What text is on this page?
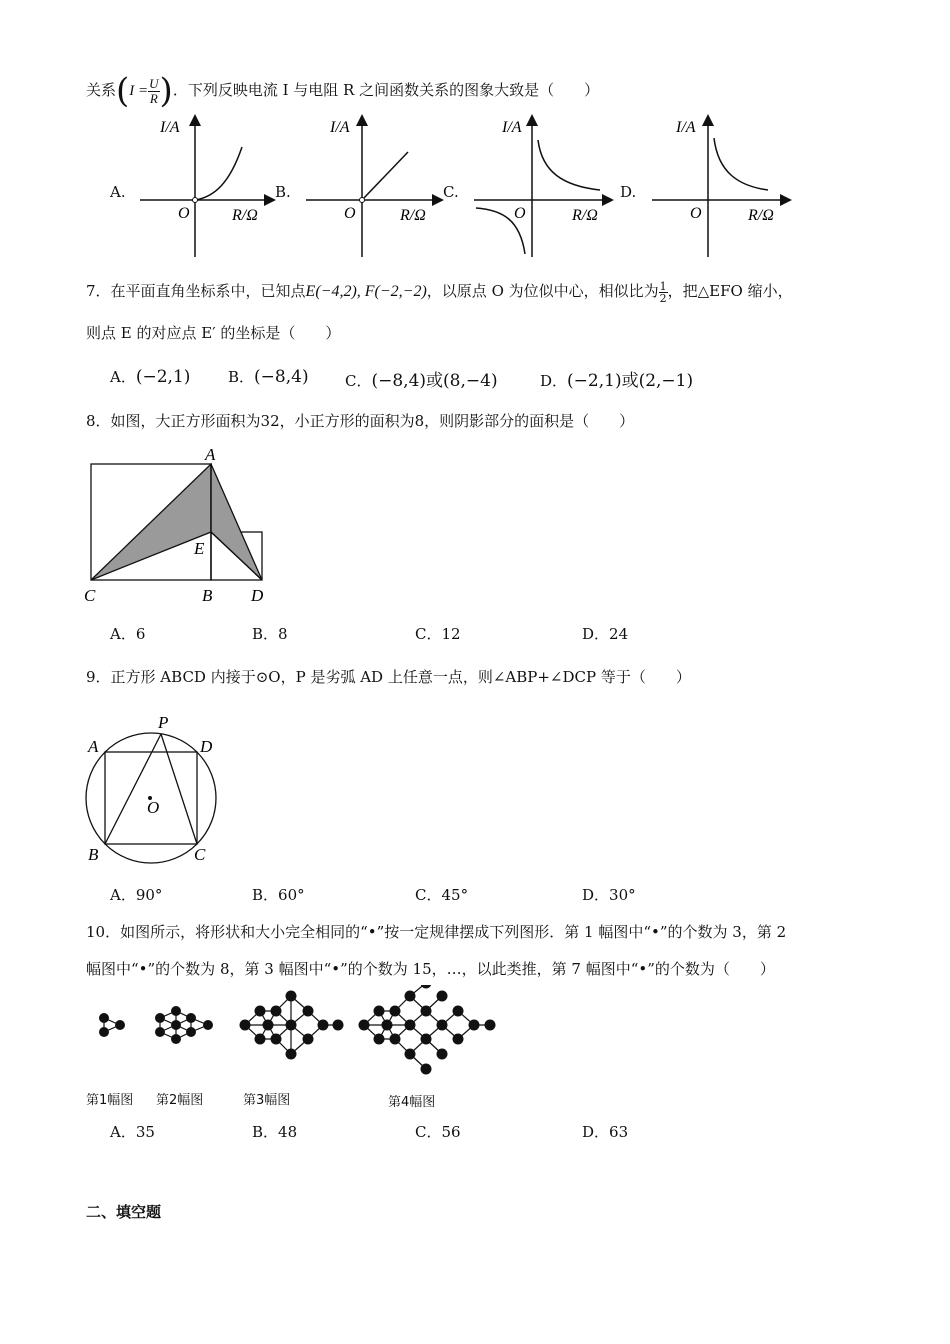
关系($I = \frac{U}{R}$ )．下列反映电流 I 与电阻 R 之间函数关系的图象大致是（　　）
A.	B.	C.	D.
I/A
O	R/Ω
I/A
O	R/Ω
I/A
O	R/Ω
I/A
O	R/Ω
7．在平面直角坐标系中，已知点E(−4,2), F(−2,−2)，以原点 O 为位似中心，相似比为 $\frac{1}{2}$ ，把△EFO 缩小，
则点 E 的对应点 E′ 的坐标是（　　）
A．(−2,1)	B．(−8,4) C．(−8,4)或(8,−4)	D．(−2,1)或(2,−1)
8．如图，大正方形面积为32，小正方形的面积为8，则阴影部分的面积是（　　）
A
E
C	B D
A．6	B．8	C．12	D．24
9．正方形 ABCD 内接于⊙O，P 是劣弧 AD 上任意一点，则∠ABP+∠DCP 等于（　　）
P
A	D
O
B	C
A．90°	B．60°	C．45°	D．30°
10．如图所示，将形状和大小完全相同的“•”按一定规律摆成下列图形．第 1 幅图中“•”的个数为 3，第 2
幅图中“•”的个数为 8，第 3 幅图中“•”的个数为 15，…，以此类推，第 7 幅图中“•”的个数为（　　）
第1幅图 第2幅图	第3幅图	第4幅图
A．35	B．48	C．56	D．63
二、填空题
